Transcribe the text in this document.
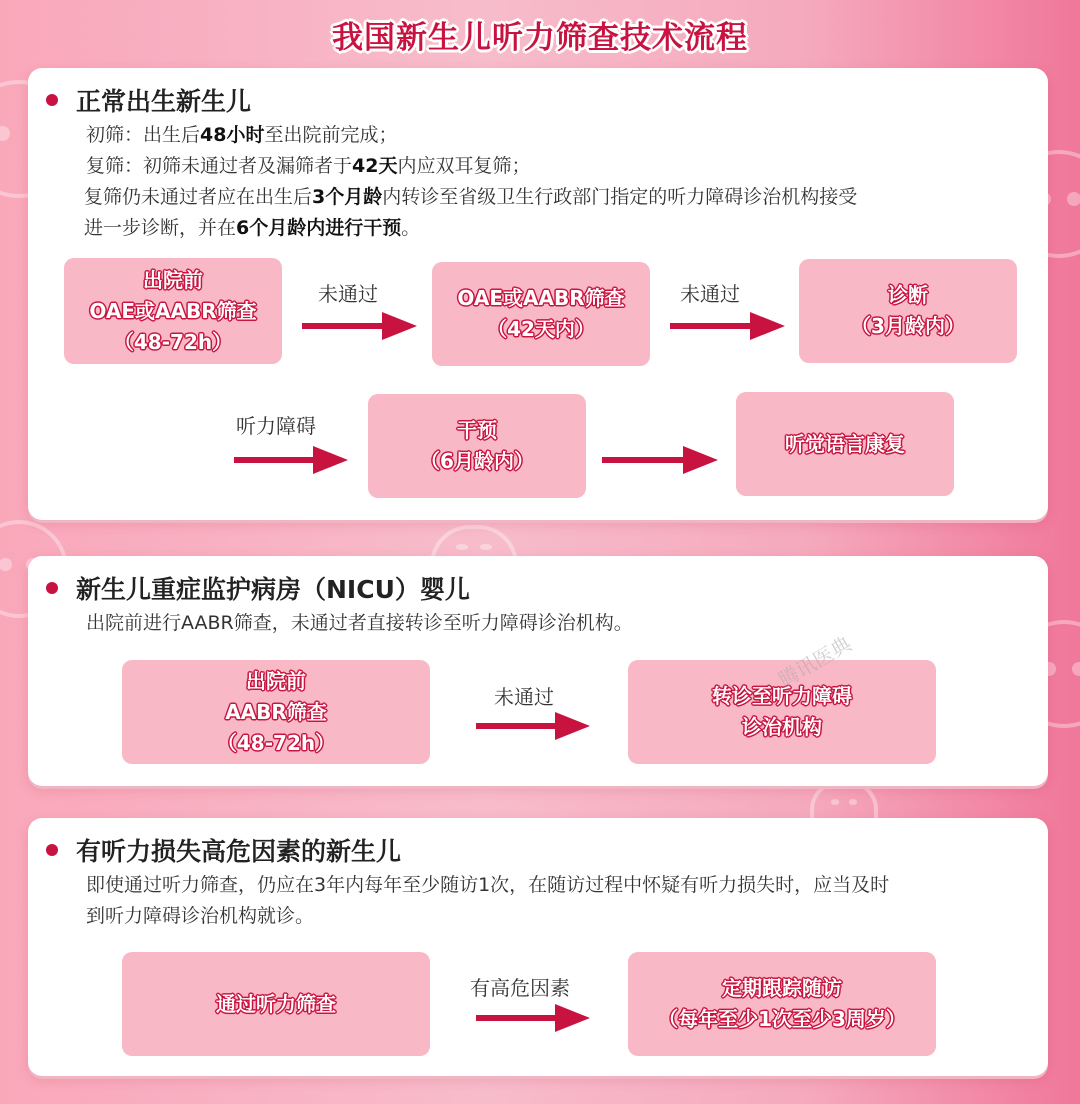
我国新生儿听力筛查技术流程
正常出生新生儿
初筛：出生后48小时至出院前完成；
复筛：初筛未通过者及漏筛者于42天内应双耳复筛；
复筛仍未通过者应在出生后3个月龄内转诊至省级卫生行政部门指定的听力障碍诊治机构接受
进一步诊断，并在6个月龄内进行干预。
出院前
OAE或AABR筛查
（48-72h）
未通过	OAE或AABR筛查
（42天内）
未通过	诊断
（3月龄内）
听力障碍	干预
（6月龄内）
听觉语言康复
新生儿重症监护病房（NICU）婴儿
出院前进行AABR筛查，未通过者直接转诊至听力障碍诊治机构。
出院前
AABR筛查
（48-72h）
未通过	转诊至听力障碍
诊治机构
腾讯医典
有听力损失高危因素的新生儿
即使通过听力筛查，仍应在3年内每年至少随访1次，在随访过程中怀疑有听力损失时，应当及时
到听力障碍诊治机构就诊。
通过听力筛查
有高危因素	定期跟踪随访
（每年至少1次至少3周岁）
